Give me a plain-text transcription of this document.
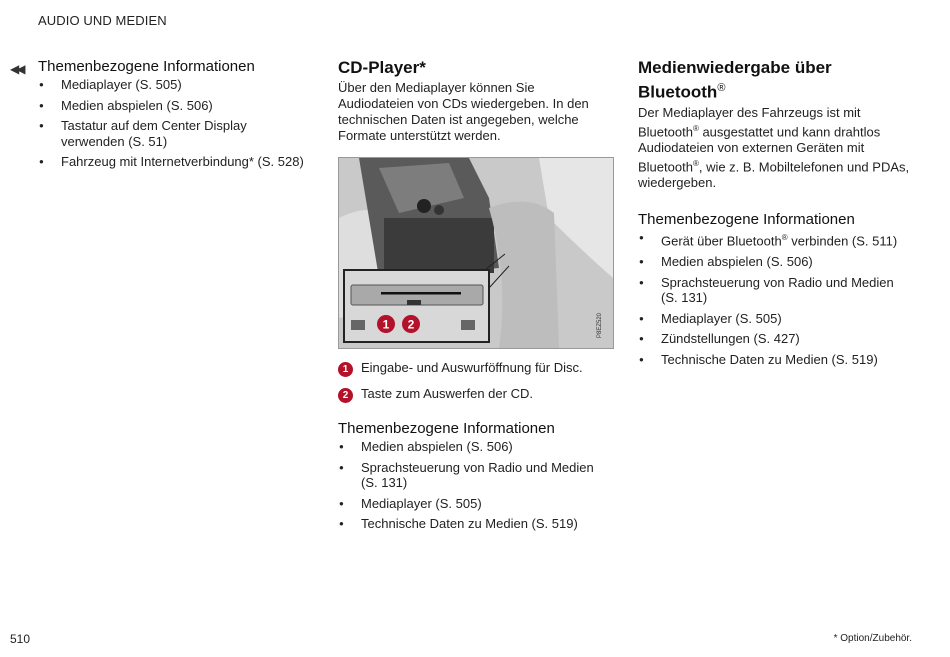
AUDIO UND MEDIEN
◀◀ Themenbezogene Informationen
● Mediaplayer (S. 505)
● Medien abspielen (S. 506)
● Tastatur auf dem Center Display verwenden (S. 51)
● Fahrzeug mit Internetverbindung* (S. 528)
CD-Player*

Über den Mediaplayer können Sie Audiodateien von CDs wiedergeben. In den technischen Daten ist angegeben, welche Formate unterstützt werden.

1 2	P8EZ520
1 Eingabe- und Auswurföffnung für Disc.
2 Taste zum Auswerfen der CD.
Themenbezogene Informationen
● Medien abspielen (S. 506)
● Sprachsteuerung von Radio und Medien (S. 131)
● Mediaplayer (S. 505)
● Technische Daten zu Medien (S. 519)
Medienwiedergabe über Bluetooth®

Der Mediaplayer des Fahrzeugs ist mit Bluetooth® ausgestattet und kann drahtlos Audiodateien von externen Geräten mit Bluetooth®, wie z. B. Mobiltelefonen und PDAs, wiedergeben.

Themenbezogene Informationen
● Gerät über Bluetooth® verbinden (S. 511)
● Medien abspielen (S. 506)
● Sprachsteuerung von Radio und Medien (S. 131)
● Mediaplayer (S. 505)
● Zündstellungen (S. 427)
● Technische Daten zu Medien (S. 519)
510	* Option/Zubehör.
